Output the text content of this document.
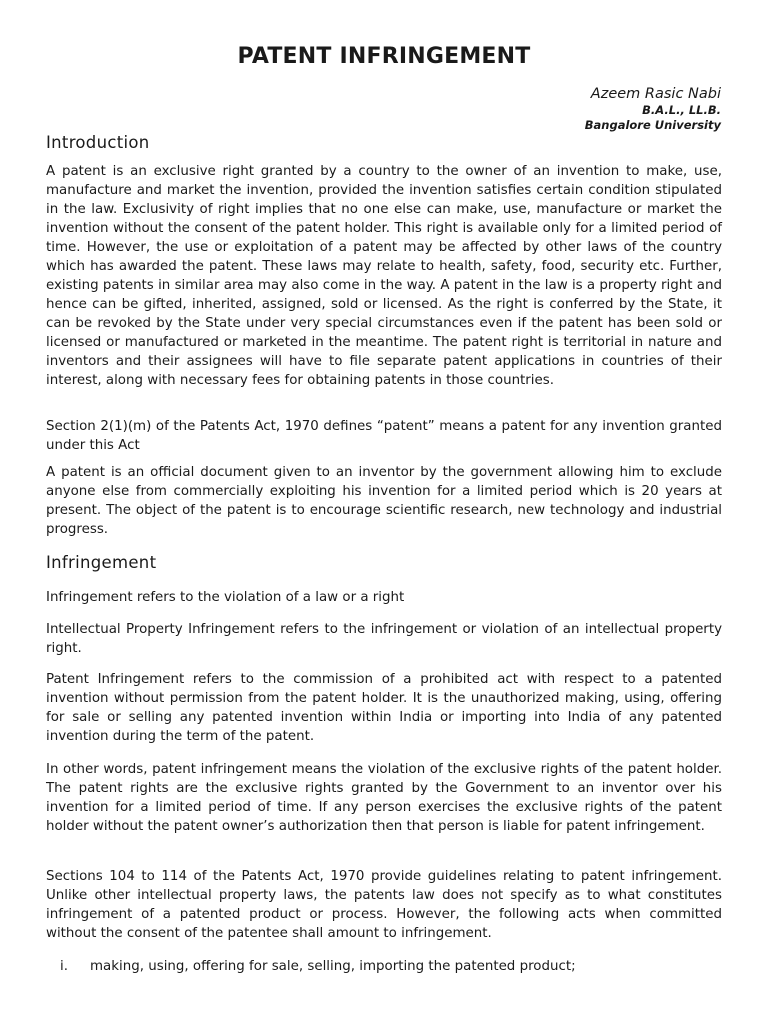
PATENT INFRINGEMENT
Azeem Rasic Nabi
B.A.L., LL.B.
Bangalore University
Introduction

A patent is an exclusive right granted by a country to the owner of an invention to make, use, manufacture and market the invention, provided the invention satisfies certain condition stipulated in the law. Exclusivity of right implies that no one else can make, use, manufacture or market the invention without the consent of the patent holder. This right is available only for a limited period of time. However, the use or exploitation of a patent may be affected by other laws of the country which has awarded the patent. These laws may relate to health, safety, food, security etc. Further, existing patents in similar area may also come in the way. A patent in the law is a property right and hence can be gifted, inherited, assigned, sold or licensed. As the right is conferred by the State, it can be revoked by the State under very special circumstances even if the patent has been sold or licensed or manufactured or marketed in the meantime. The patent right is territorial in nature and inventors and their assignees will have to file separate patent applications in countries of their interest, along with necessary fees for obtaining patents in those countries.

Section 2(1)(m) of the Patents Act, 1970 defines “patent” means a patent for any invention granted under this Act

A patent is an official document given to an inventor by the government allowing him to exclude anyone else from commercially exploiting his invention for a limited period which is 20 years at present. The object of the patent is to encourage scientific research, new technology and industrial progress.

Infringement

Infringement refers to the violation of a law or a right

Intellectual Property Infringement refers to the infringement or violation of an intellectual property right.

Patent Infringement refers to the commission of a prohibited act with respect to a patented invention without permission from the patent holder. It is the unauthorized making, using, offering for sale or selling any patented invention within India or importing into India of any patented invention during the term of the patent.

In other words, patent infringement means the violation of the exclusive rights of the patent holder. The patent rights are the exclusive rights granted by the Government to an inventor over his invention for a limited period of time. If any person exercises the exclusive rights of the patent holder without the patent owner’s authorization then that person is liable for patent infringement.

Sections 104 to 114 of the Patents Act, 1970 provide guidelines relating to patent infringement. Unlike other intellectual property laws, the patents law does not specify as to what constitutes infringement of a patented product or process. However, the following acts when committed without the consent of the patentee shall amount to infringement.

i.	making, using, offering for sale, selling, importing the patented product;
